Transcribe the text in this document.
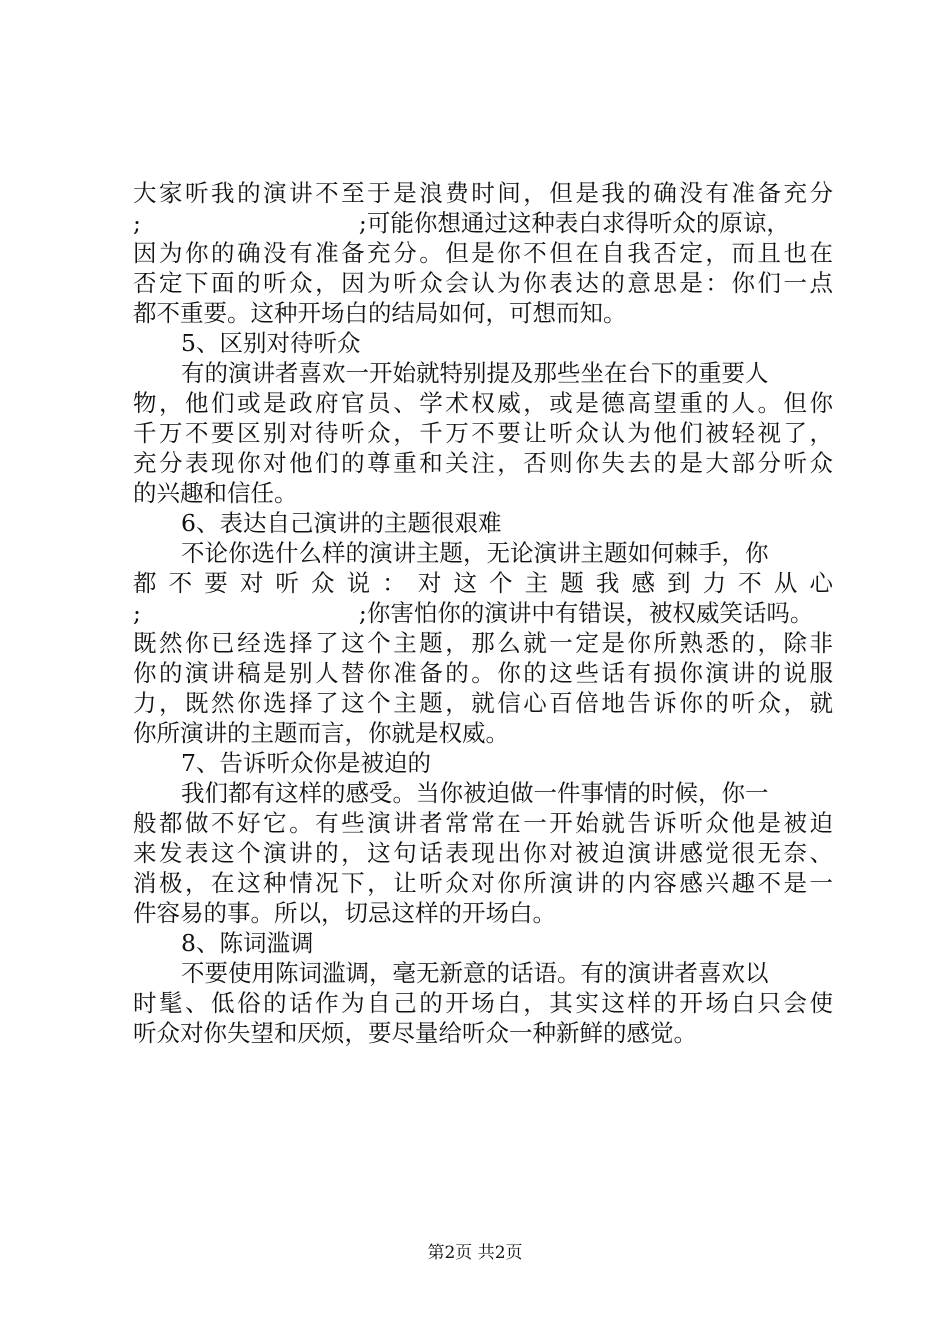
大家听我的演讲不至于是浪费时间，但是我的确没有准备充分
;	;可能你想通过这种表白求得听众的原谅，
因为你的确没有准备充分。但是你不但在自我否定，而且也在
否定下面的听众，因为听众会认为你表达的意思是：你们一点
都不重要。这种开场白的结局如何，可想而知。
5、区别对待听众
有的演讲者喜欢一开始就特别提及那些坐在台下的重要人
物，他们或是政府官员、学术权威，或是德高望重的人。但你
千万不要区别对待听众，千万不要让听众认为他们被轻视了，
充分表现你对他们的尊重和关注，否则你失去的是大部分听众
的兴趣和信任。
6、表达自己演讲的主题很艰难
不论你选什么样的演讲主题，无论演讲主题如何棘手，你
都不要对听众说：对这个主题我感到力不从心
;	;你害怕你的演讲中有错误，被权威笑话吗。
既然你已经选择了这个主题，那么就一定是你所熟悉的，除非
你的演讲稿是别人替你准备的。你的这些话有损你演讲的说服
力，既然你选择了这个主题，就信心百倍地告诉你的听众，就
你所演讲的主题而言，你就是权威。
7、告诉听众你是被迫的
我们都有这样的感受。当你被迫做一件事情的时候，你一
般都做不好它。有些演讲者常常在一开始就告诉听众他是被迫
来发表这个演讲的，这句话表现出你对被迫演讲感觉很无奈、
消极，在这种情况下，让听众对你所演讲的内容感兴趣不是一
件容易的事。所以，切忌这样的开场白。
8、陈词滥调
不要使用陈词滥调，毫无新意的话语。有的演讲者喜欢以
时髦、低俗的话作为自己的开场白，其实这样的开场白只会使
听众对你失望和厌烦，要尽量给听众一种新鲜的感觉。
第2页 共2页
